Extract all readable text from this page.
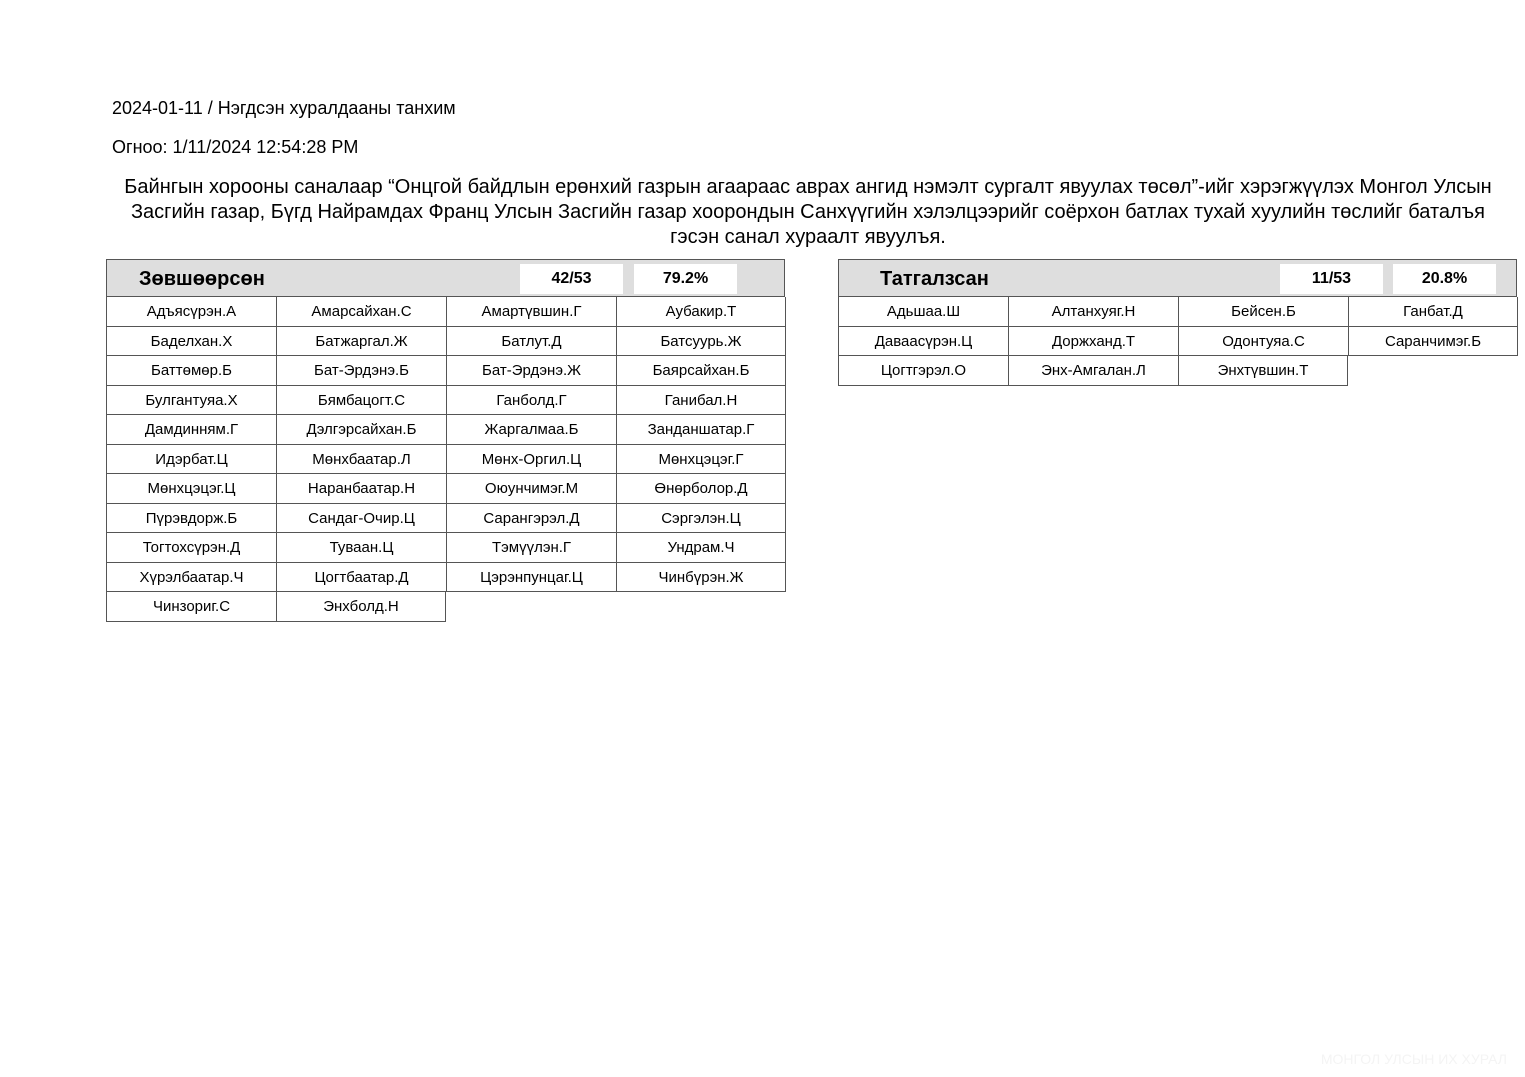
2024-01-11 / Нэгдсэн хуралдааны танхим
Огноо: 1/11/2024 12:54:28 PM
Байнгын хорооны саналаар “Онцгой байдлын ерөнхий газрын агаараас аврах ангид нэмэлт сургалт явуулах төсөл”-ийг хэрэгжүүлэх Монгол Улсын Засгийн газар, Бүгд Найрамдах Франц Улсын Засгийн газар хоорондын Санхүүгийн хэлэлцээрийг соёрхон батлах тухай хуулийн төслийг баталъя гэсэн санал хураалт явуулъя.
Зөвшөөрсөн	42/53	79.2%
Адъясүрэн.А	Амарсайхан.С	Амартүвшин.Г	Аубакир.Т
Баделхан.Х	Батжаргал.Ж	Батлут.Д	Батсуурь.Ж
Баттөмөр.Б	Бат-Эрдэнэ.Б	Бат-Эрдэнэ.Ж	Баярсайхан.Б
Булгантуяа.Х	Бямбацогт.С	Ганболд.Г	Ганибал.Н
Дамдинням.Г	Дэлгэрсайхан.Б	Жаргалмаа.Б	Занданшатар.Г
Идэрбат.Ц	Мөнхбаатар.Л	Мөнх-Оргил.Ц	Мөнхцэцэг.Г
Мөнхцэцэг.Ц	Наранбаатар.Н	Оюунчимэг.М	Өнөрболор.Д
Пүрэвдорж.Б	Сандаг-Очир.Ц	Сарангэрэл.Д	Сэргэлэн.Ц
Тогтохсүрэн.Д	Туваан.Ц	Тэмүүлэн.Г	Ундрам.Ч
Хүрэлбаатар.Ч	Цогтбаатар.Д	Цэрэнпунцаг.Ц	Чинбүрэн.Ж
Чинзориг.С	Энхболд.Н
Татгалзсан	11/53	20.8%
Адьшаа.Ш	Алтанхуяг.Н	Бейсен.Б	Ганбат.Д
Даваасүрэн.Ц	Доржханд.Т	Одонтуяа.С	Саранчимэг.Б
Цогтгэрэл.О	Энх-Амгалан.Л	Энхтүвшин.Т
МОНГОЛ УЛСЫН ИХ ХУРАЛ
